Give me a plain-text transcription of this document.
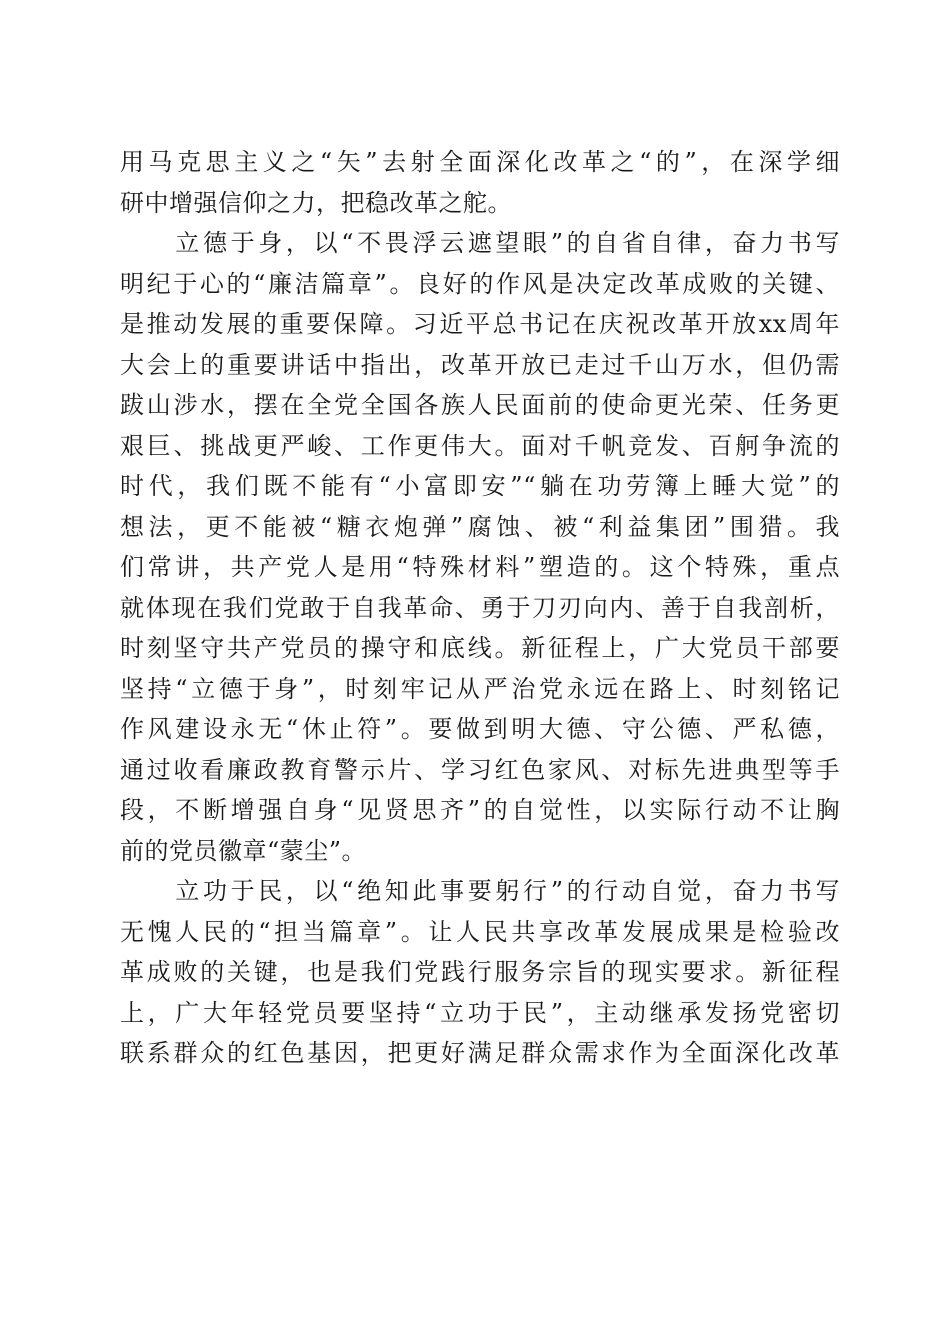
用马克思主义之“矢”去射全面深化改革之“的”，在深学细
研中增强信仰之力，把稳改革之舵。
　　立德于身，以“不畏浮云遮望眼”的自省自律，奋力书写
明纪于心的“廉洁篇章”。良好的作风是决定改革成败的关键、
是推动发展的重要保障。习近平总书记在庆祝改革开放xx周年
大会上的重要讲话中指出，改革开放已走过千山万水，但仍需
跋山涉水，摆在全党全国各族人民面前的使命更光荣、任务更
艰巨、挑战更严峻、工作更伟大。面对千帆竞发、百舸争流的
时代，我们既不能有“小富即安”“躺在功劳簿上睡大觉”的
想法，更不能被“糖衣炮弹”腐蚀、被“利益集团”围猎。我
们常讲，共产党人是用“特殊材料”塑造的。这个特殊，重点
就体现在我们党敢于自我革命、勇于刀刃向内、善于自我剖析，
时刻坚守共产党员的操守和底线。新征程上，广大党员干部要
坚持“立德于身”，时刻牢记从严治党永远在路上、时刻铭记
作风建设永无“休止符”。要做到明大德、守公德、严私德，
通过收看廉政教育警示片、学习红色家风、对标先进典型等手
段，不断增强自身“见贤思齐”的自觉性，以实际行动不让胸
前的党员徽章“蒙尘”。
　　立功于民，以“绝知此事要躬行”的行动自觉，奋力书写
无愧人民的“担当篇章”。让人民共享改革发展成果是检验改
革成败的关键，也是我们党践行服务宗旨的现实要求。新征程
上，广大年轻党员要坚持“立功于民”，主动继承发扬党密切
联系群众的红色基因，把更好满足群众需求作为全面深化改革
